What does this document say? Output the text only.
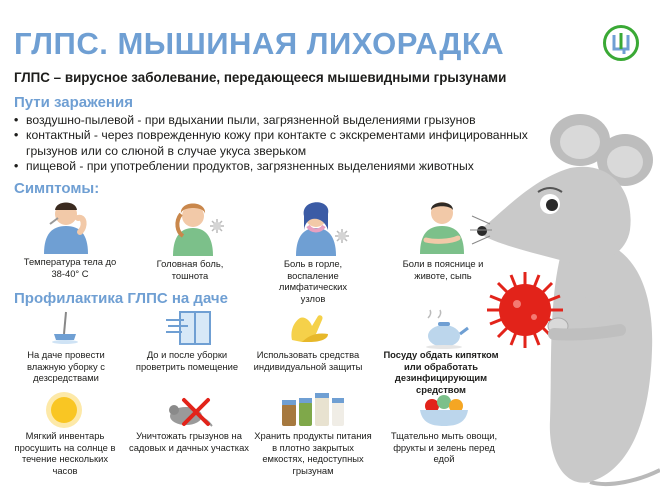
ГЛПС. МЫШИНАЯ ЛИХОРАДКА
ГЛПС – вирусное заболевание, передающееся мышевидными грызунами
Пути заражения
• воздушно-пылевой - при вдыхании пыли, загрязненной выделениями грызунов
• контактный - через поврежденную кожу при контакте с экскрементами инфицированных грызунов или со слюной в случае укуса зверьком
• пищевой - при употреблении продуктов, загрязненных выделениями животных
Симптомы:
Температура тела до 38-40° С
Головная боль, тошнота
Боль в горле, воспаление лимфатических узлов
Боли в пояснице и животе, сыпь
Профилактика ГЛПС на даче
На даче провести влажную уборку с дезсредствами
До и после уборки проветрить помещение
Использовать средства индивидуальной защиты
Посуду обдать кипятком или обработать дезинфицирующим средством
Мягкий инвентарь просушить на солнце в течение нескольких часов
Уничтожать грызунов на садовых и дачных участках
Хранить продукты питания в плотно закрытых емкостях, недоступных грызунам
Тщательно мыть овощи, фрукты и зелень перед едой
